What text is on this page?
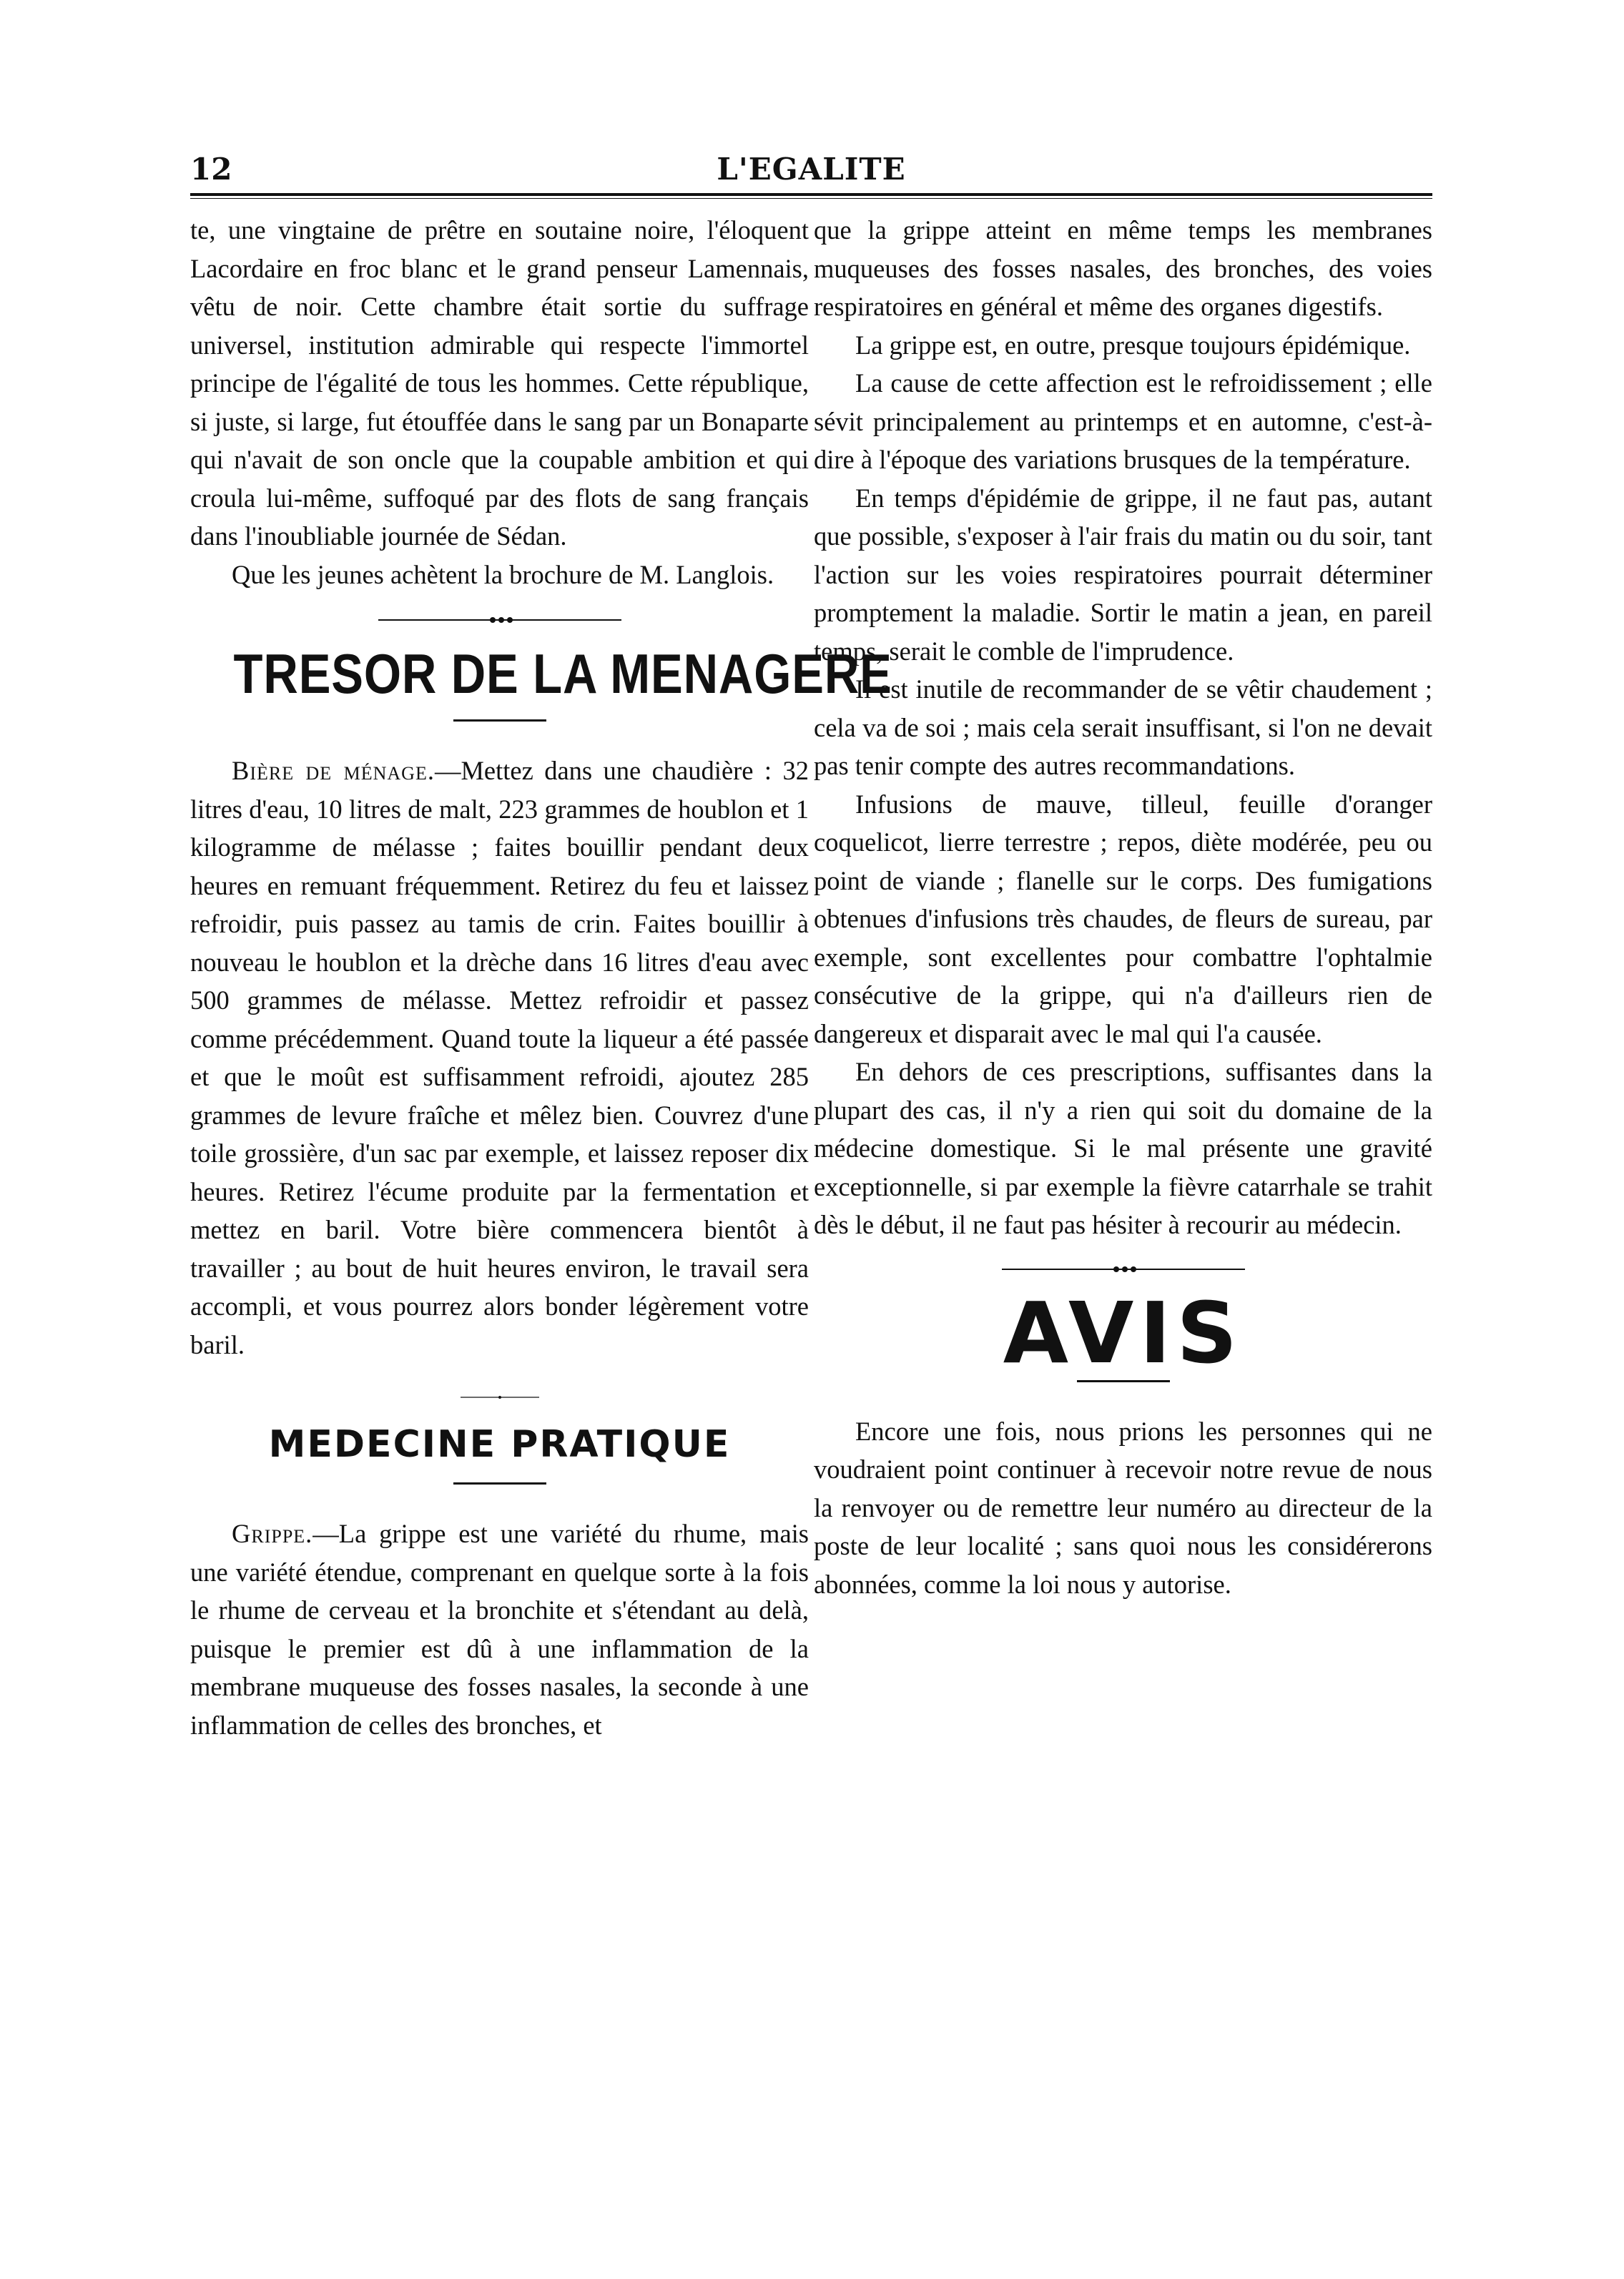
12	L'EGALITE

te, une vingtaine de prêtre en soutaine noire, l'éloquent Lacordaire en froc blanc et le grand penseur Lamennais, vêtu de noir. Cette chambre était sortie du suffrage universel, institution admirable qui respecte l'immortel principe de l'égalité de tous les hommes. Cette république, si juste, si large, fut étouffée dans le sang par un Bonaparte qui n'avait de son oncle que la coupable ambition et qui croula lui-même, suffoqué par des flots de sang français dans l'inoubliable journée de Sédan.

Que les jeunes achètent la brochure de M. Langlois.

TRESOR DE LA MENAGERE

Bière de ménage.—Mettez dans une chaudière : 32 litres d'eau, 10 litres de malt, 223 grammes de houblon et 1 kilogramme de mélasse ; faites bouillir pendant deux heures en remuant fréquemment. Retirez du feu et laissez refroidir, puis passez au tamis de crin. Faites bouillir à nouveau le houblon et la drèche dans 16 litres d'eau avec 500 grammes de mélasse. Mettez refroidir et passez comme précédemment. Quand toute la liqueur a été passée et que le moût est suffisamment refroidi, ajoutez 285 grammes de levure fraîche et mêlez bien. Couvrez d'une toile grossière, d'un sac par exemple, et laissez reposer dix heures. Retirez l'écume produite par la fermentation et mettez en baril. Votre bière commencera bientôt à travailler ; au bout de huit heures environ, le travail sera accompli, et vous pourrez alors bonder légèrement votre baril.

MEDECINE PRATIQUE

Grippe.—La grippe est une variété du rhume, mais une variété étendue, comprenant en quelque sorte à la fois le rhume de cerveau et la bronchite et s'étendant au delà, puisque le premier est dû à une inflammation de la membrane muqueuse des fosses nasales, la seconde à une inflammation de celles des bronches, et

que la grippe atteint en même temps les membranes muqueuses des fosses nasales, des bronches, des voies respiratoires en général et même des organes digestifs.

La grippe est, en outre, presque toujours épidémique.

La cause de cette affection est le refroidissement ; elle sévit principalement au printemps et en automne, c'est-à-dire à l'époque des variations brusques de la température.

En temps d'épidémie de grippe, il ne faut pas, autant que possible, s'exposer à l'air frais du matin ou du soir, tant l'action sur les voies respiratoires pourrait déterminer promptement la maladie. Sortir le matin a jean, en pareil temps, serait le comble de l'imprudence.

Il est inutile de recommander de se vêtir chaudement ; cela va de soi ; mais cela serait insuffisant, si l'on ne devait pas tenir compte des autres recommandations.

Infusions de mauve, tilleul, feuille d'oranger coquelicot, lierre terrestre ; repos, diète modérée, peu ou point de viande ; flanelle sur le corps. Des fumigations obtenues d'infusions très chaudes, de fleurs de sureau, par exemple, sont excellentes pour combattre l'ophtalmie consécutive de la grippe, qui n'a d'ailleurs rien de dangereux et disparait avec le mal qui l'a causée.

En dehors de ces prescriptions, suffisantes dans la plupart des cas, il n'y a rien qui soit du domaine de la médecine domestique. Si le mal présente une gravité exceptionnelle, si par exemple la fièvre catarrhale se trahit dès le début, il ne faut pas hésiter à recourir au médecin.

AVIS

Encore une fois, nous prions les personnes qui ne voudraient point continuer à recevoir notre revue de nous la renvoyer ou de remettre leur numéro au directeur de la poste de leur localité ; sans quoi nous les considérerons abonnées, comme la loi nous y autorise.
